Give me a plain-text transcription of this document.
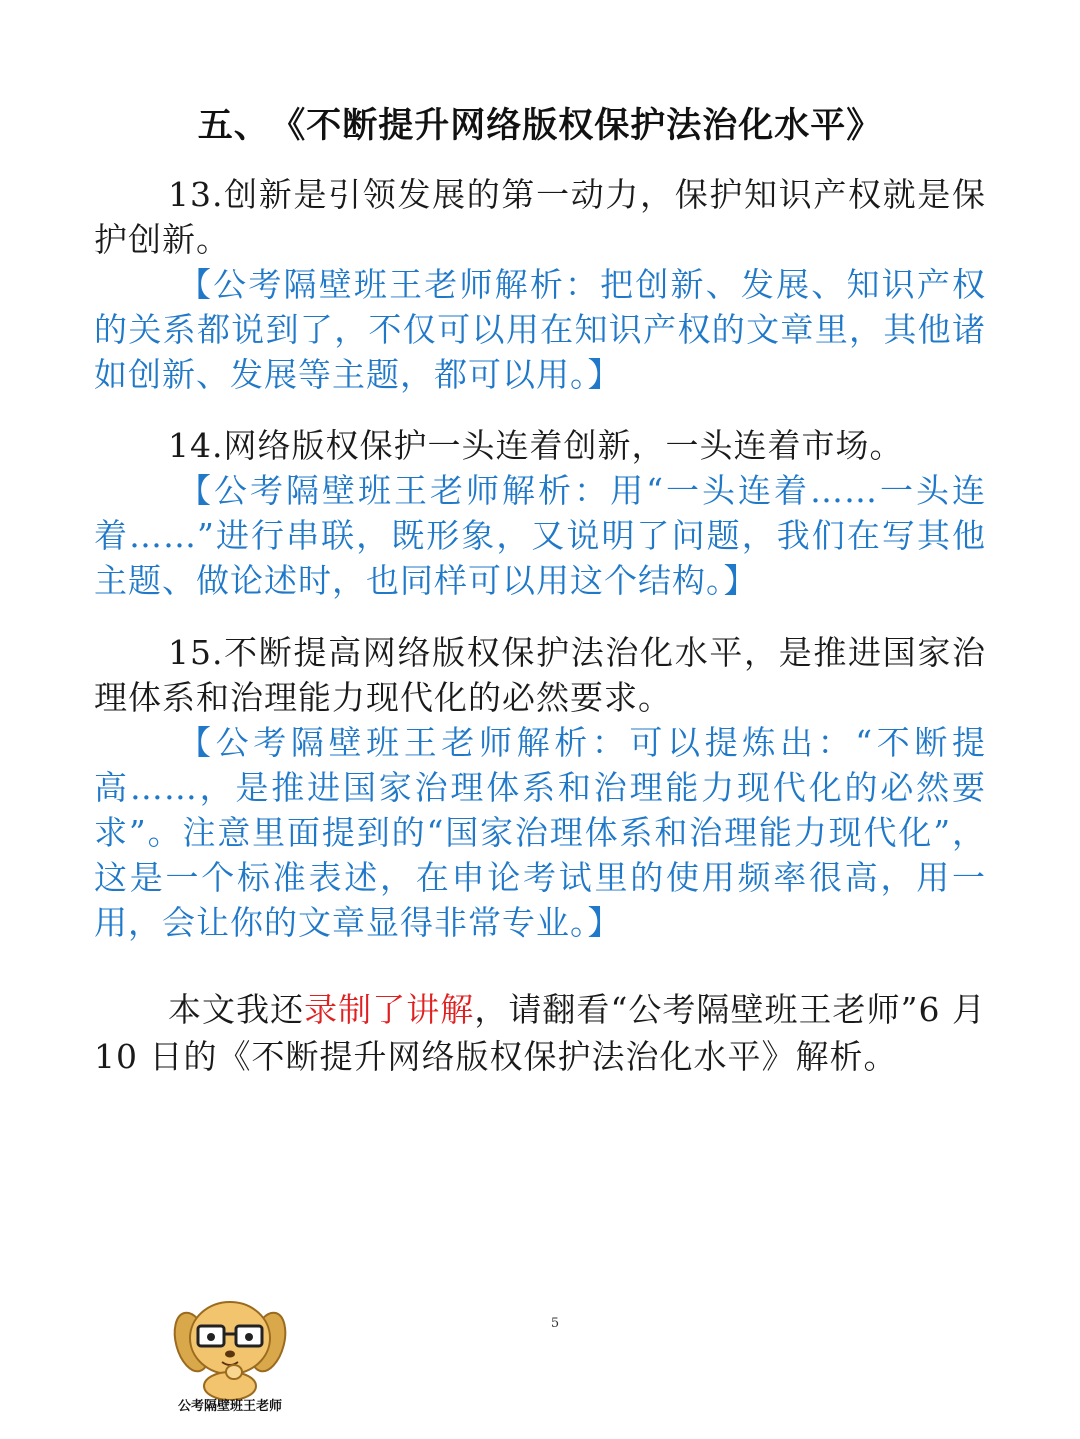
五、 《不断提升网络版权保护法治化水平》
13.创新是引领发展的第一动力，保护知识产权就是保护创新。
【公考隔壁班王老师解析：把创新、发展、知识产权的关系都说到了，不仅可以用在知识产权的文章里，其他诸如创新、发展等主题，都可以用。】
14.网络版权保护一头连着创新，一头连着市场。
【公考隔壁班王老师解析：用“一头连着……一头连着……”进行串联，既形象，又说明了问题，我们在写其他主题、做论述时，也同样可以用这个结构。】
15.不断提高网络版权保护法治化水平，是推进国家治理体系和治理能力现代化的必然要求。
【公考隔壁班王老师解析：可以提炼出：“不断提高……，是推进国家治理体系和治理能力现代化的必然要求”。注意里面提到的“国家治理体系和治理能力现代化”，这是一个标准表述，在申论考试里的使用频率很高，用一用，会让你的文章显得非常专业。】
本文我还录制了讲解，请翻看“公考隔壁班王老师”6 月 10 日的《不断提升网络版权保护法治化水平》解析。
5
公考隔壁班王老师
